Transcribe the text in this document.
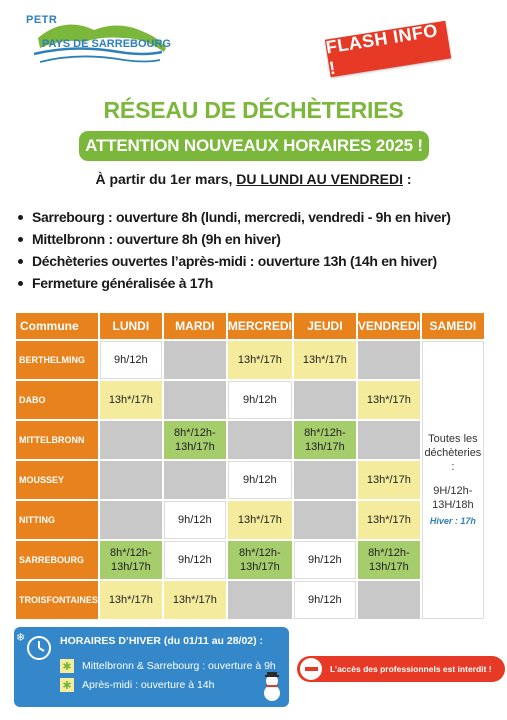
PETR
PAYS DE SARREBOURG	FLASH INFO !
RÉSEAU DE DÉCHÈTERIES
ATTENTION NOUVEAUX HORAIRES 2025 !
À partir du 1er mars, DU LUNDI AU VENDREDI :
Sarrebourg : ouverture 8h (lundi, mercredi, vendredi - 9h en hiver)
Mittelbronn : ouverture 8h (9h en hiver)
Déchèteries ouvertes l’après-midi : ouverture 13h (14h en hiver)
Fermeture généralisée à 17h
Commune	LUNDI	MARDI	MERCREDI	JEUDI	VENDREDI	SAMEDI
BERTHELMING	9h/12h		13h*/17h	13h*/17h		Toutes les déchèteries :

9H/12h-13H/18h

Hiver : 17h

DABO	13h*/17h		9h/12h		13h*/17h	
MITTELBRONN		8h*/12h-13h/17h		8h*/12h-13h/17h		
MOUSSEY			9h/12h		13h*/17h	
NITTING		9h/12h	13h*/17h		13h*/17h	
SARREBOURG	8h*/12h-13h/17h	9h/12h	8h*/12h-13h/17h	9h/12h	8h*/12h-13h/17h	
TROISFONTAINES	13h*/17h	13h*/17h		9h/12h		
❄	HORAIRES D’HIVER (du 01/11 au 28/02) :
✱ Mittelbronn & Sarrebourg : ouverture à 9h
✱ Après-midi : ouverture à 14h
L’accès des professionnels est interdit !
